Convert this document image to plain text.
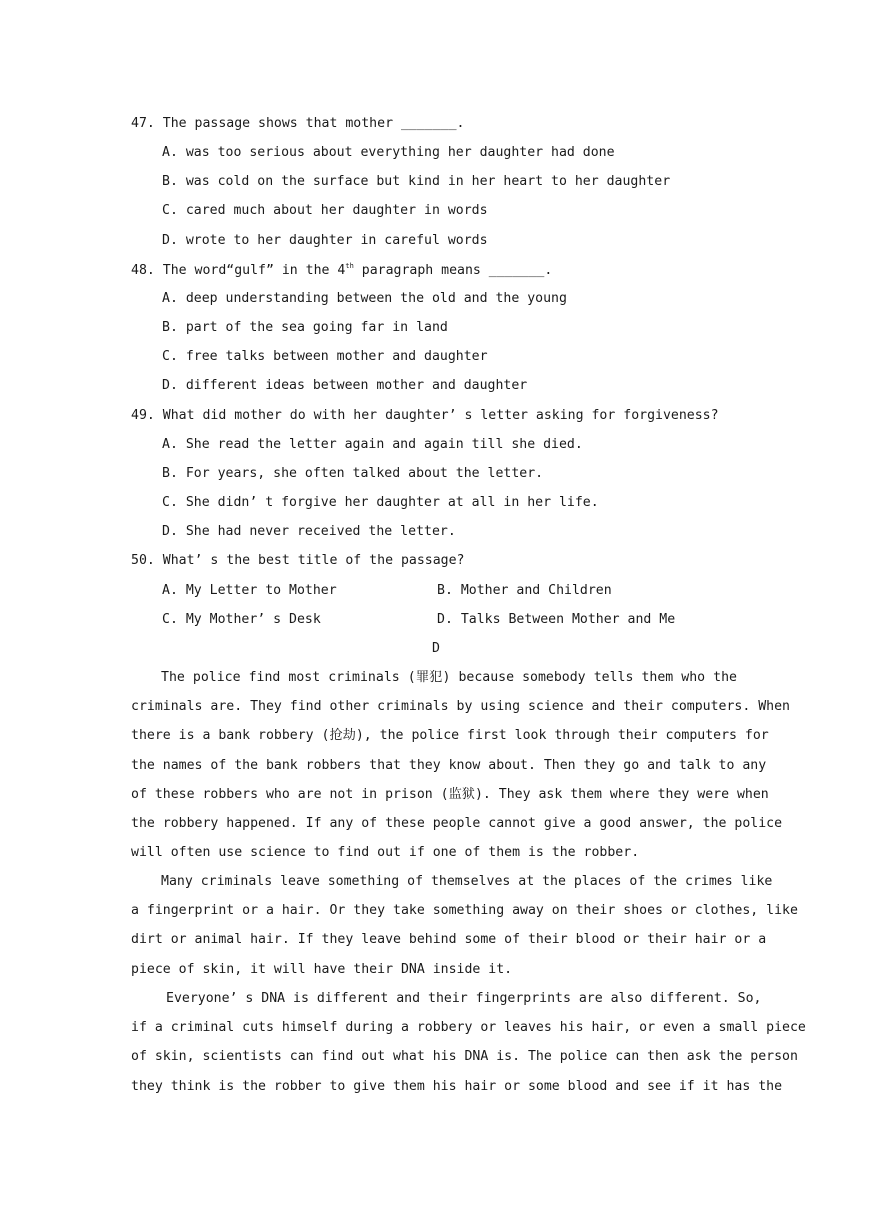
47. The passage shows that mother _______.
A. was too serious about everything her daughter had done
B. was cold on the surface but kind in her heart to her daughter
C. cared much about her daughter in words
D. wrote to her daughter in careful words
48. The word“gulf” in the 4th paragraph means _______.
A. deep understanding between the old and the young
B. part of the sea going far in land
C. free talks between mother and daughter
D. different ideas between mother and daughter
49. What did mother do with her daughter’ s letter asking for forgiveness?
A. She read the letter again and again till she died.
B. For years, she often talked about the letter.
C. She didn’ t forgive her daughter at all in her life.
D. She had never received the letter.
50. What’ s the best title of the passage?
A. My Letter to Mother	B. Mother and Children
C. My Mother’ s Desk	D. Talks Between Mother and Me
D
The police find most criminals (罪犯) because somebody tells them who the
criminals are. They find other criminals by using science and their computers. When
there is a bank robbery (抢劫), the police first look through their computers for
the names of the bank robbers that they know about. Then they go and talk to any
of these robbers who are not in prison (监狱). They ask them where they were when
the robbery happened. If any of these people cannot give a good answer, the police
will often use science to find out if one of them is the robber.
Many criminals leave something of themselves at the places of the crimes like
a fingerprint or a hair. Or they take something away on their shoes or clothes, like
dirt or animal hair. If they leave behind some of their blood or their hair or a
piece of skin, it will have their DNA inside it.
Everyone’ s DNA is different and their fingerprints are also different. So,
if a criminal cuts himself during a robbery or leaves his hair, or even a small piece
of skin, scientists can find out what his DNA is. The police can then ask the person
they think is the robber to give them his hair or some blood and see if it has the
